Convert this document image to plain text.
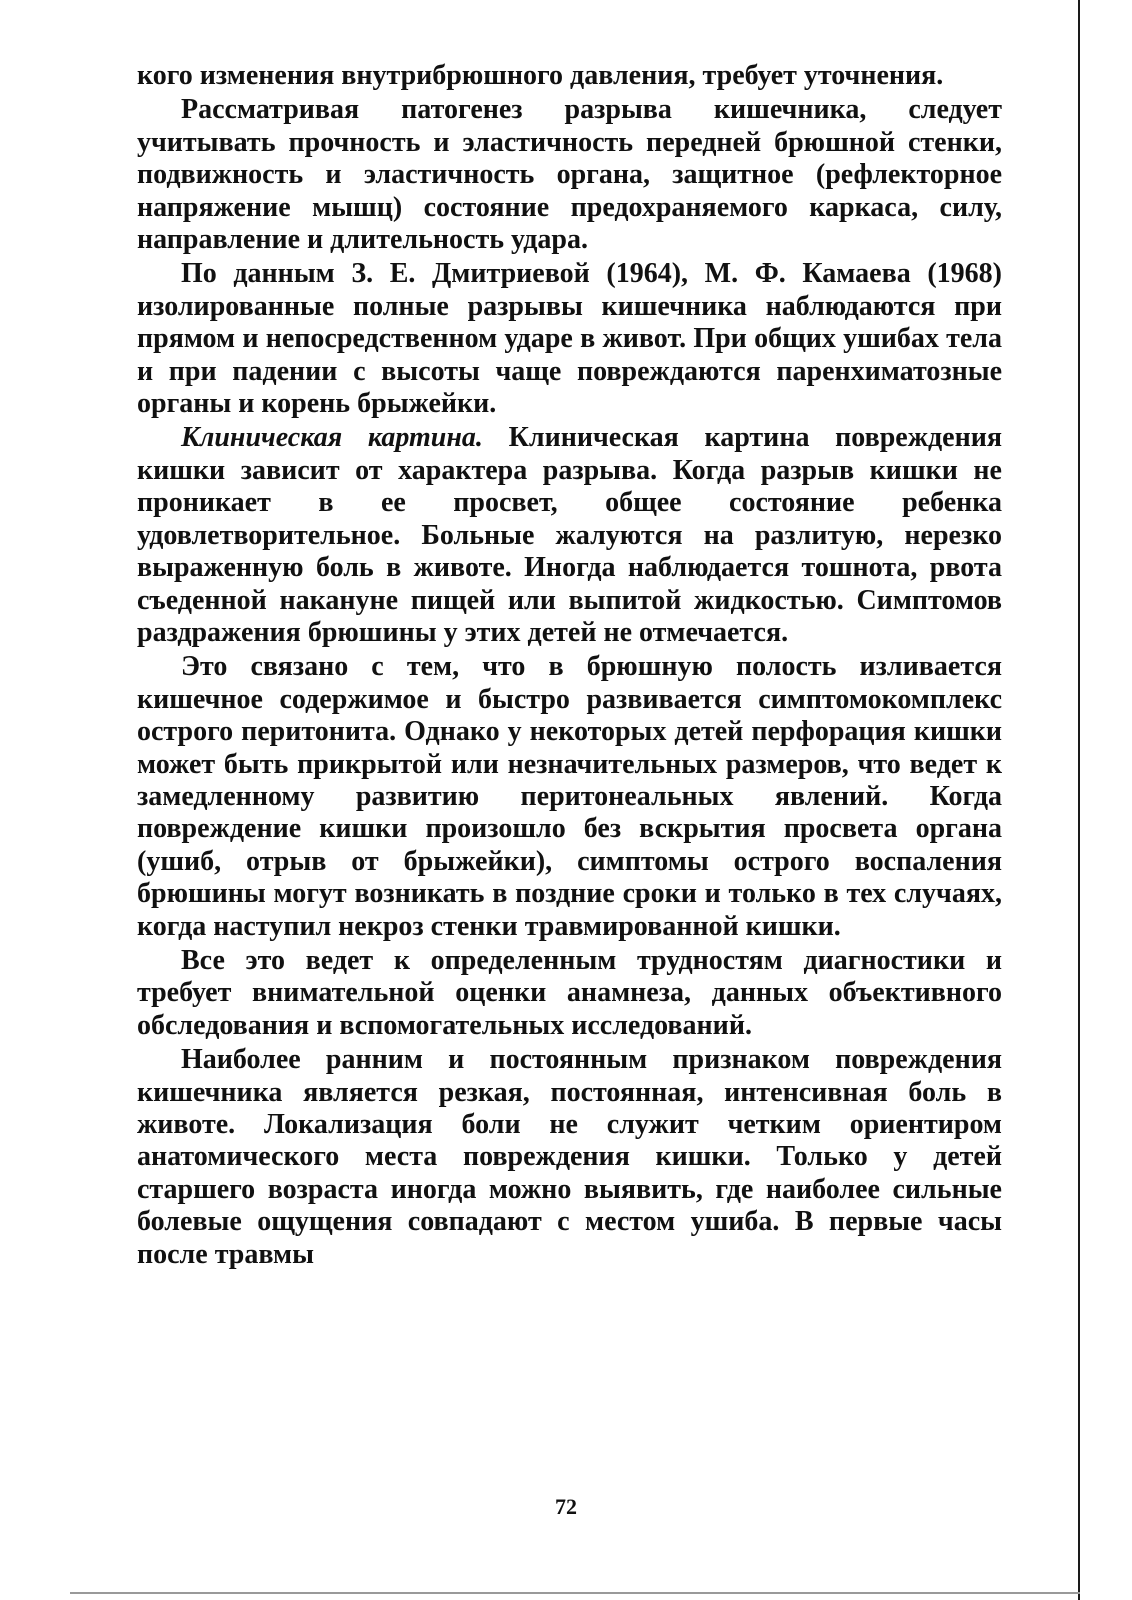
кого изменения внутрибрюшного давления, требует уточнения.

Рассматривая патогенез разрыва кишечника, следует учитывать прочность и эластичность передней брюшной стенки, подвижность и эластичность органа, защитное (рефлекторное напряжение мышц) состояние предохраняемого каркаса, силу, направление и длительность удара.

По данным З. Е. Дмитриевой (1964), М. Ф. Камаева (1968) изолированные полные разрывы кишечника наблюдаются при прямом и непосредственном ударе в живот. При общих ушибах тела и при падении с высоты чаще повреждаются паренхиматозные органы и корень брыжейки.

Клиническая картина. Клиническая картина повреждения кишки зависит от характера разрыва. Когда разрыв кишки не проникает в ее просвет, общее состояние ребенка удовлетворительное. Больные жалуются на разлитую, нерезко выраженную боль в животе. Иногда наблюдается тошнота, рвота съеденной накануне пищей или выпитой жидкостью. Симптомов раздражения брюшины у этих детей не отмечается.

Это связано с тем, что в брюшную полость изливается кишечное содержимое и быстро развивается симптомокомплекс острого перитонита. Однако у некоторых детей перфорация кишки может быть прикрытой или незначительных размеров, что ведет к замедленному развитию перитонеальных явлений. Когда повреждение кишки произошло без вскрытия просвета органа (ушиб, отрыв от брыжейки), симптомы острого воспаления брюшины могут возникать в поздние сроки и только в тех случаях, когда наступил некроз стенки травмированной кишки.

Все это ведет к определенным трудностям диагностики и требует внимательной оценки анамнеза, данных объективного обследования и вспомогательных исследований.

Наиболее ранним и постоянным признаком повреждения кишечника является резкая, постоянная, интенсивная боль в животе. Локализация боли не служит четким ориентиром анатомического места повреждения кишки. Только у детей старшего возраста иногда можно выявить, где наиболее сильные болевые ощущения совпадают с местом ушиба. В первые часы после травмы

72
